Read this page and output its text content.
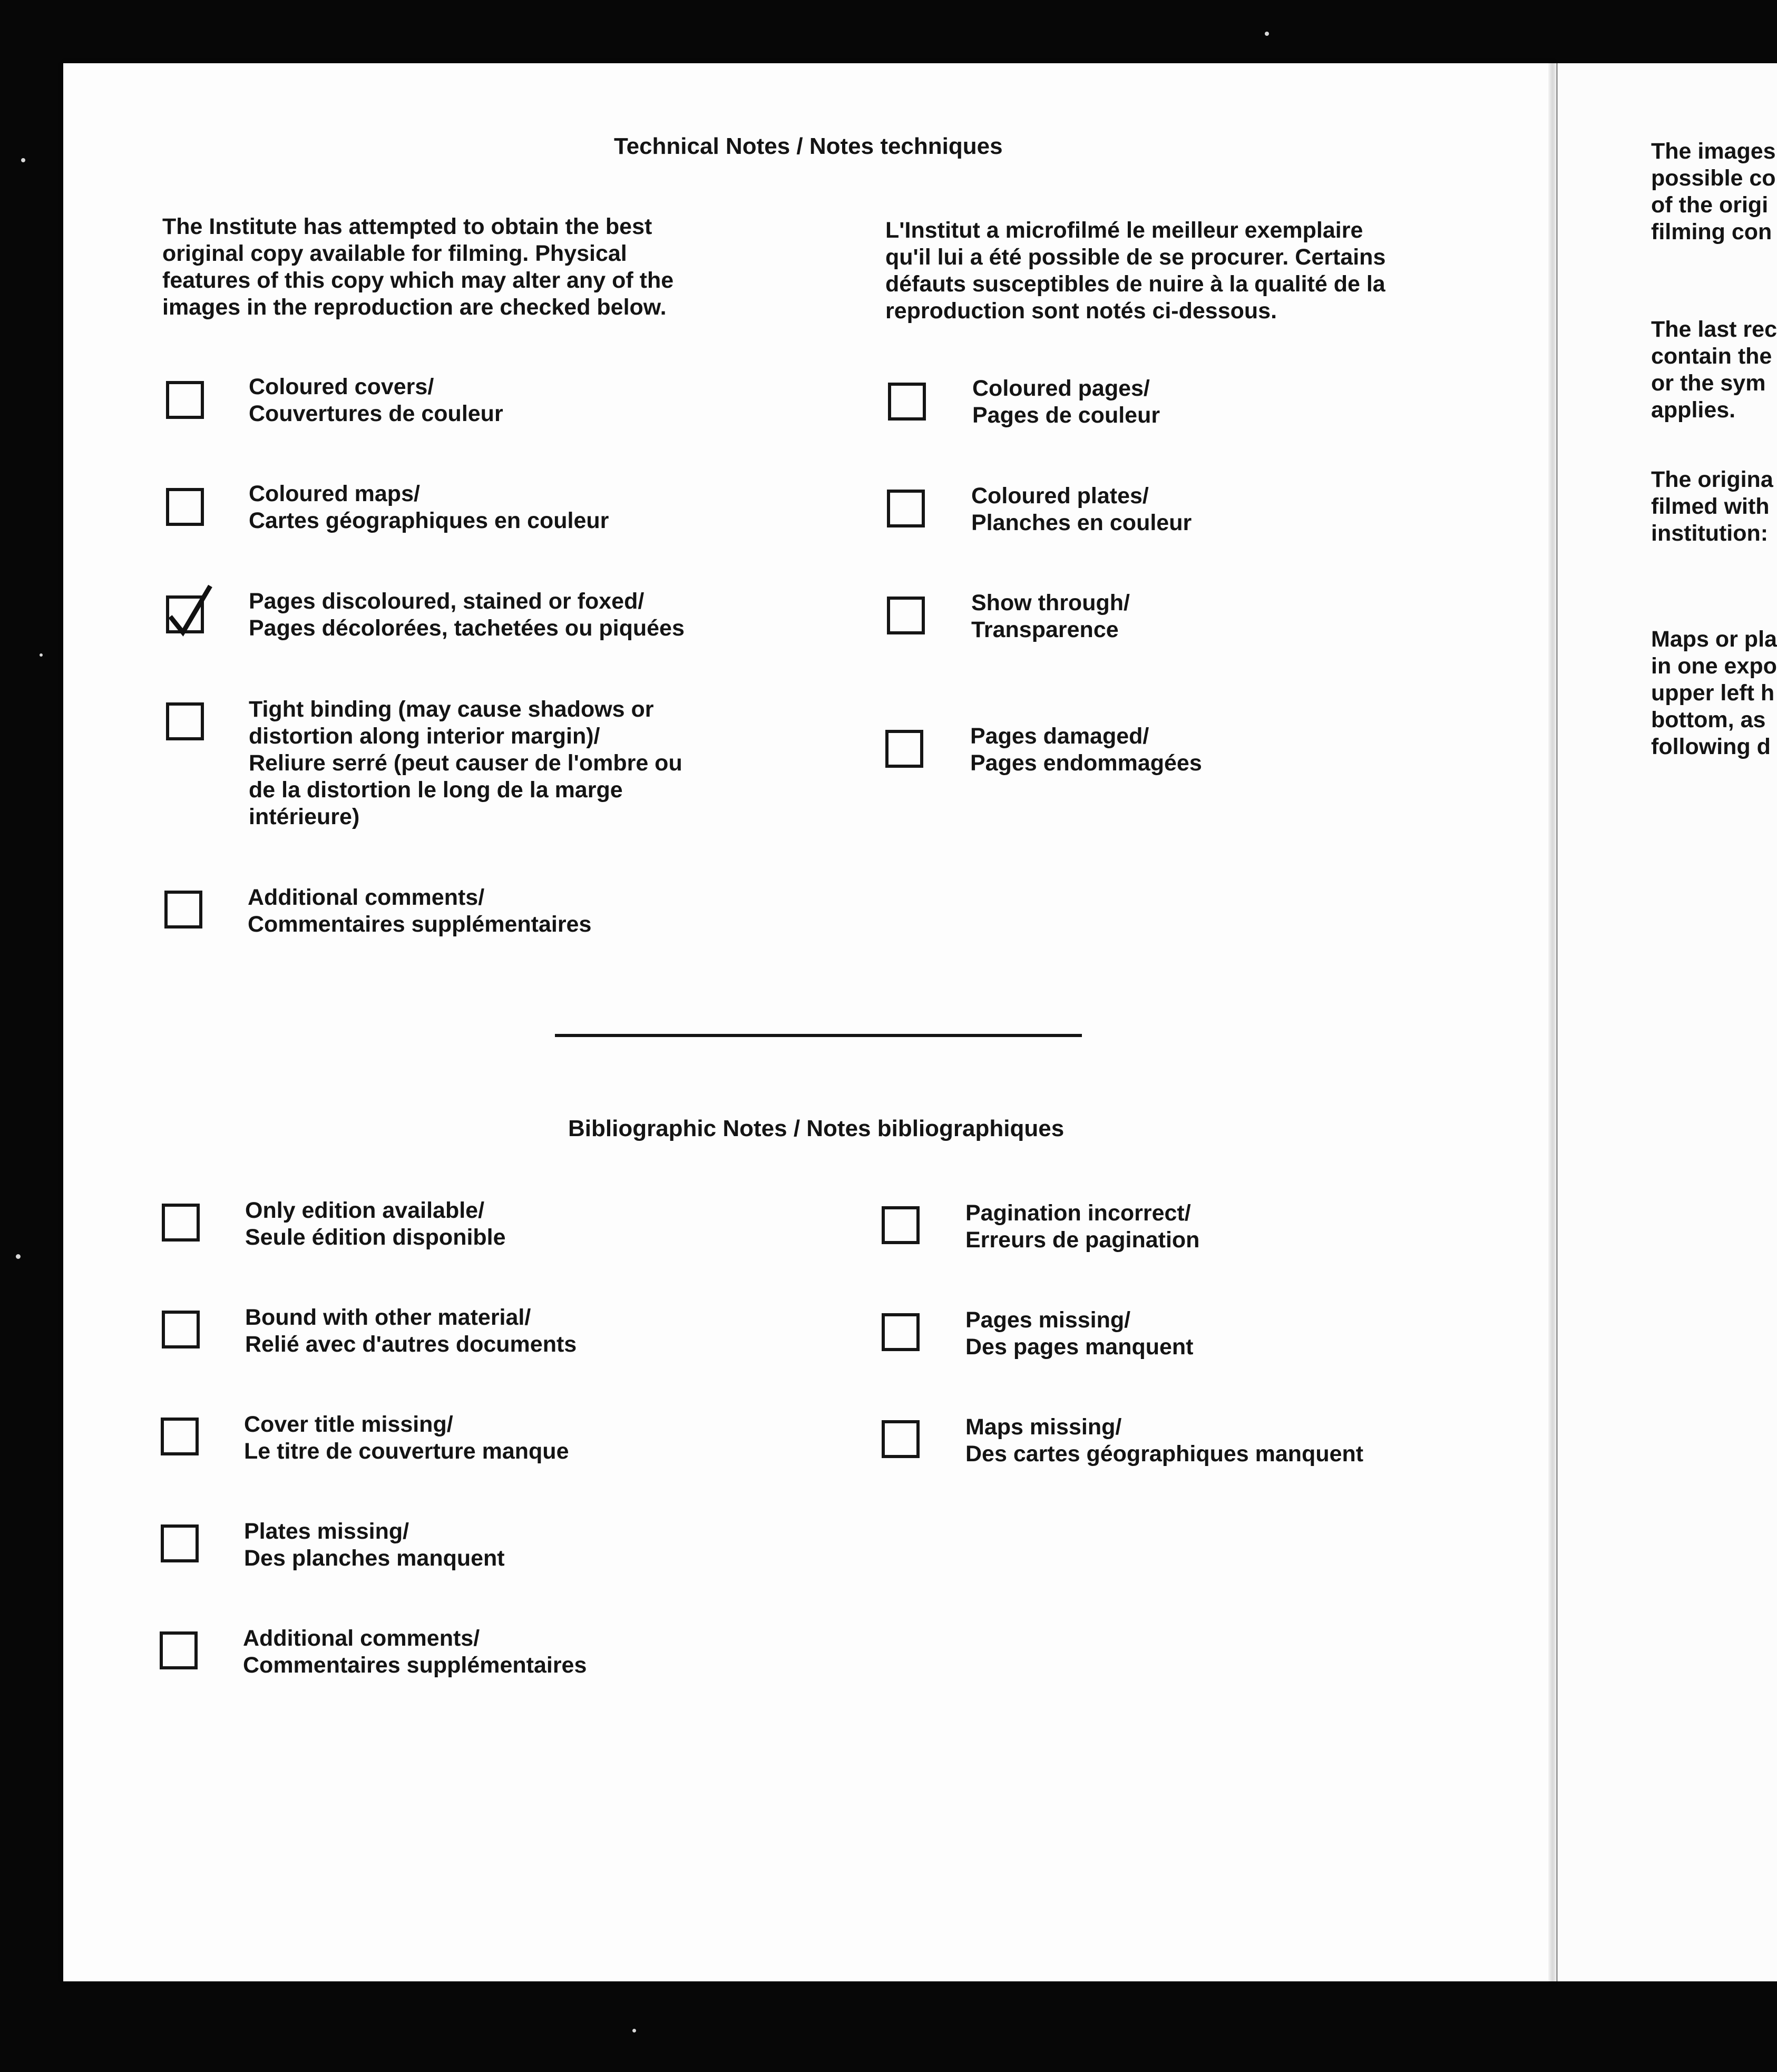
Technical Notes / Notes techniques
The Institute has attempted to obtain the best
original copy available for filming. Physical
features of this copy which may alter any of the
images in the reproduction are checked below.
L'Institut a microfilmé le meilleur exemplaire
qu'il lui a été possible de se procurer. Certains
défauts susceptibles de nuire à la qualité de la
reproduction sont notés ci-dessous.
Coloured covers/
Couvertures de couleur
Coloured maps/
Cartes géographiques en couleur
Pages discoloured, stained or foxed/
Pages décolorées, tachetées ou piquées
Tight binding (may cause shadows or
distortion along interior margin)/
Reliure serré (peut causer de l'ombre ou
de la distortion le long de la marge
intérieure)
Additional comments/
Commentaires supplémentaires
Coloured pages/
Pages de couleur
Coloured plates/
Planches en couleur
Show through/
Transparence
Pages damaged/
Pages endommagées
Bibliographic Notes / Notes bibliographiques
Only edition available/
Seule édition disponible
Bound with other material/
Relié avec d'autres documents
Cover title missing/
Le titre de couverture manque
Plates missing/
Des planches manquent
Additional comments/
Commentaires supplémentaires
Pagination incorrect/
Erreurs de pagination
Pages missing/
Des pages manquent
Maps missing/
Des cartes géographiques manquent
The images
possible co
of the origi
filming con
The last rec
contain the
or the sym
applies.
The origina
filmed with
institution:
Maps or pla
in one expo
upper left h
bottom, as
following d
